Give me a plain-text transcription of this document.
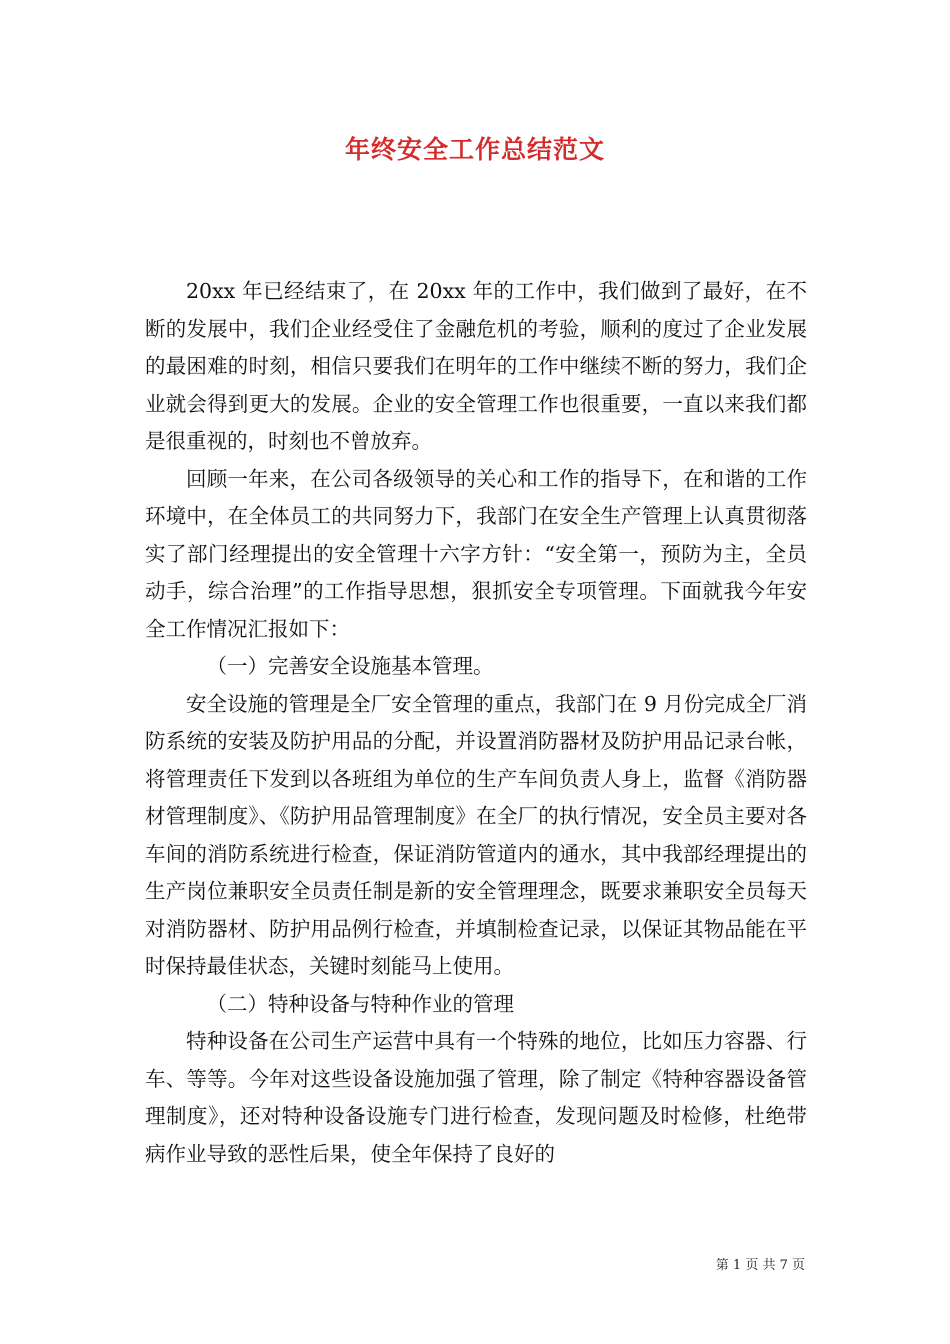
年终安全工作总结范文

20xx 年已经结束了，在 20xx 年的工作中，我们做到了最好，在不断的发展中，我们企业经受住了金融危机的考验，顺利的度过了企业发展的最困难的时刻，相信只要我们在明年的工作中继续不断的努力，我们企业就会得到更大的发展。企业的安全管理工作也很重要，一直以来我们都是很重视的，时刻也不曾放弃。

回顾一年来，在公司各级领导的关心和工作的指导下，在和谐的工作环境中，在全体员工的共同努力下，我部门在安全生产管理上认真贯彻落实了部门经理提出的安全管理十六字方针：“安全第一，预防为主，全员动手，综合治理”的工作指导思想，狠抓安全专项管理。下面就我今年安全工作情况汇报如下：

（一）完善安全设施基本管理。

安全设施的管理是全厂安全管理的重点，我部门在 9 月份完成全厂消防系统的安装及防护用品的分配，并设置消防器材及防护用品记录台帐，将管理责任下发到以各班组为单位的生产车间负责人身上，监督《消防器材管理制度》、《防护用品管理制度》在全厂的执行情况，安全员主要对各车间的消防系统进行检查，保证消防管道内的通水，其中我部经理提出的生产岗位兼职安全员责任制是新的安全管理理念，既要求兼职安全员每天对消防器材、防护用品例行检查，并填制检查记录，以保证其物品能在平时保持最佳状态，关键时刻能马上使用。

（二）特种设备与特种作业的管理

特种设备在公司生产运营中具有一个特殊的地位，比如压力容器、行车、等等。今年对这些设备设施加强了管理，除了制定《特种容器设备管理制度》，还对特种设备设施专门进行检查，发现问题及时检修，杜绝带病作业导致的恶性后果，使全年保持了良好的

第 1 页 共 7 页
